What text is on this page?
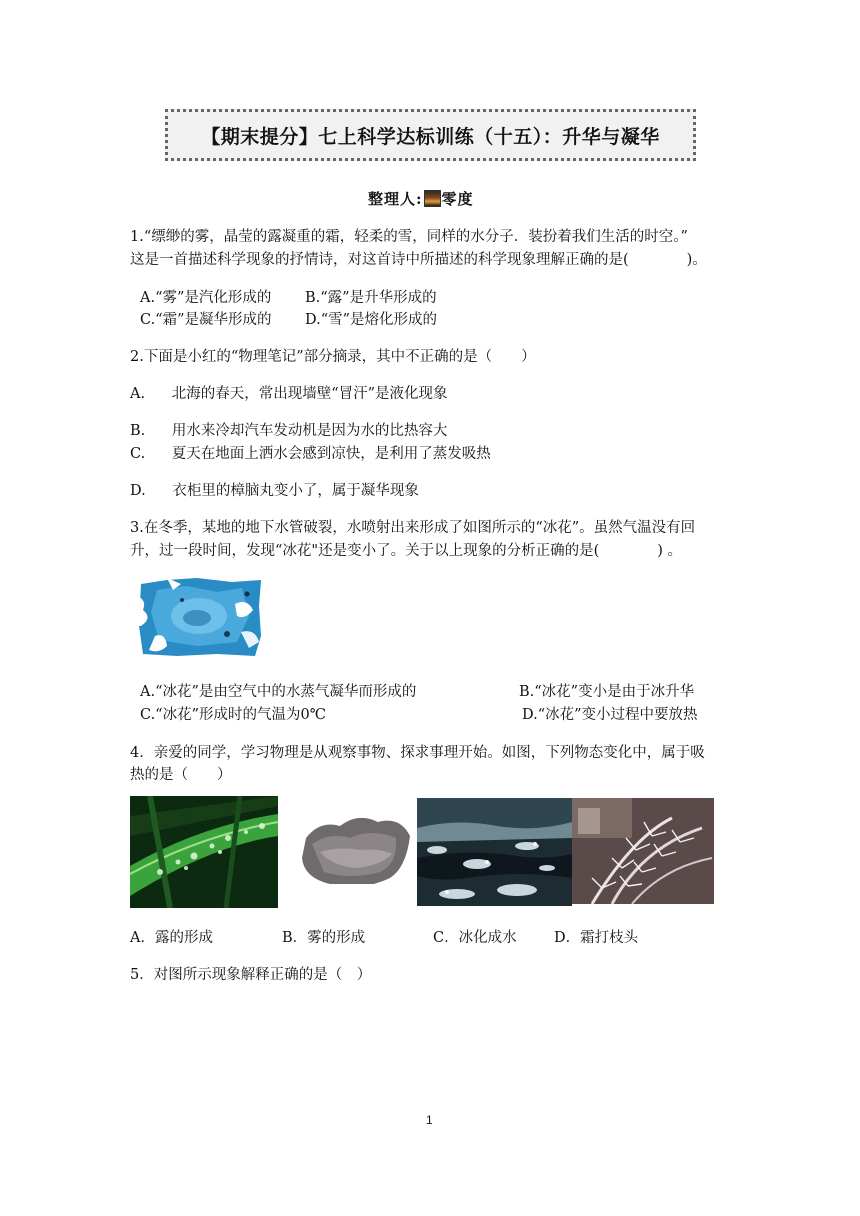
【期末提分】七上科学达标训练（十五）：升华与凝华
整理人: 零度
1.“缥缈的雾，晶莹的露凝重的霜，轻柔的雪，同样的水分子．装扮着我们生活的时空。”
这是一首描述科学现象的抒情诗，对这首诗中所描述的科学现象理解正确的是(　　　　)。
A.“雾”是汽化形成的 B.“露”是升华形成的
C.“霜”是凝华形成的 D.“雪”是熔化形成的
2.下面是小红的“物理笔记”部分摘录，其中不正确的是（　　）
A. 北海的春天，常出现墙壁“冒汗”是液化现象
B. 用水来冷却汽车发动机是因为水的比热容大
C. 夏天在地面上洒水会感到凉快，是利用了蒸发吸热
D. 衣柜里的樟脑丸变小了，属于凝华现象
3.在冬季，某地的地下水管破裂，水喷射出来形成了如图所示的“冰花”。虽然气温没有回
升，过一段时间，发现“冰花"还是变小了。关于以上现象的分析正确的是(　　　　) 。
A.“冰花”是由空气中的水蒸气凝华而形成的	B.“冰花”变小是由于冰升华
C.“冰花”形成时的气温为0℃	D.“冰花”变小过程中要放热
4．亲爱的同学，学习物理是从观察事物、探求事理开始。如图，下列物态变化中，属于吸
热的是（　　）
A．露的形成	B．雾的形成	C．冰化成水	D．霜打枝头
5．对图所示现象解释正确的是（　）
1
